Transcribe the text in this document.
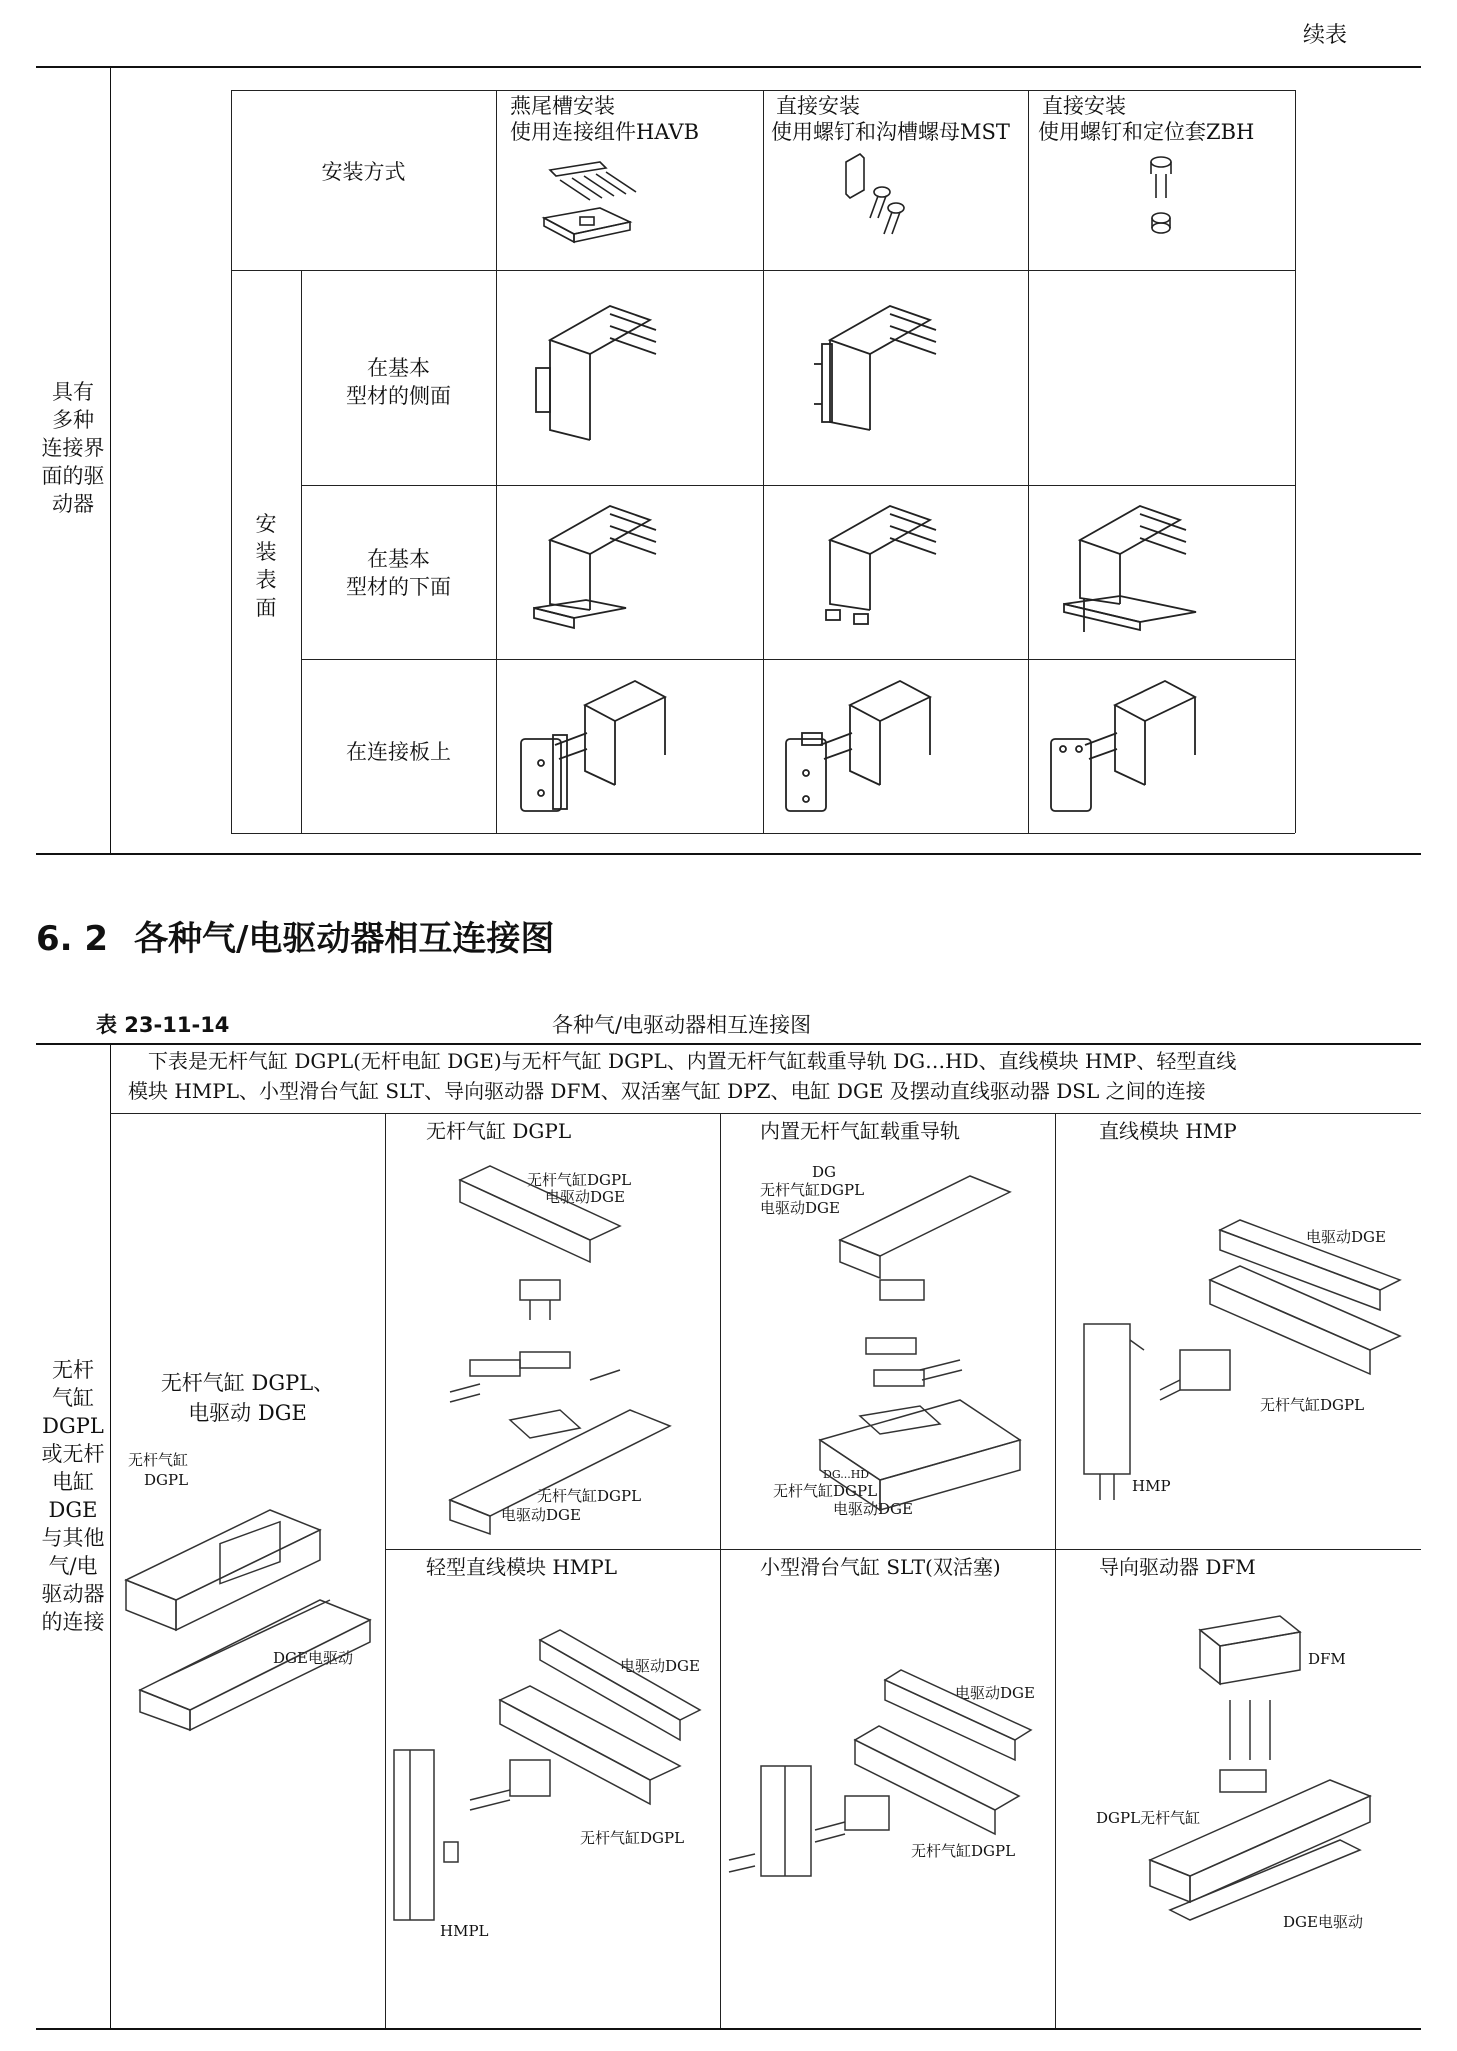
续表
具有
多种
连接界
面的驱
动器
安装方式
燕尾槽安装
使用连接组件HAVB
直接安装
使用螺钉和沟槽螺母MST
直接安装
使用螺钉和定位套ZBH
安
装
表
面
在基本
型材的侧面
在基本
型材的下面
在连接板上
6. 2 各种气/电驱动器相互连接图
表 23-11-14	各种气/电驱动器相互连接图
下表是无杆气缸 DGPL(无杆电缸 DGE)与无杆气缸 DGPL、内置无杆气缸载重导轨 DG…HD、直线模块 HMP、轻型直线
模块 HMPL、小型滑台气缸 SLT、导向驱动器 DFM、双活塞气缸 DPZ、电缸 DGE 及摆动直线驱动器 DSL 之间的连接
无杆
气缸
DGPL
或无杆
电缸
DGE
与其他
气/电
驱动器
的连接
无杆气缸 DGPL、
电驱动 DGE
无杆气缸
DGPL
DGE电驱动
无杆气缸 DGPL
无杆气缸DGPL
电驱动DGE
无杆气缸DGPL
电驱动DGE
内置无杆气缸载重导轨
DG
无杆气缸DGPL
电驱动DGE
DG...HD
无杆气缸DGPL
电驱动DGE
直线模块 HMP
电驱动DGE
无杆气缸DGPL
HMP
轻型直线模块 HMPL
电驱动DGE
无杆气缸DGPL
HMPL
小型滑台气缸 SLT(双活塞)
电驱动DGE
无杆气缸DGPL
导向驱动器 DFM
DFM
DGPL无杆气缸
DGE电驱动
